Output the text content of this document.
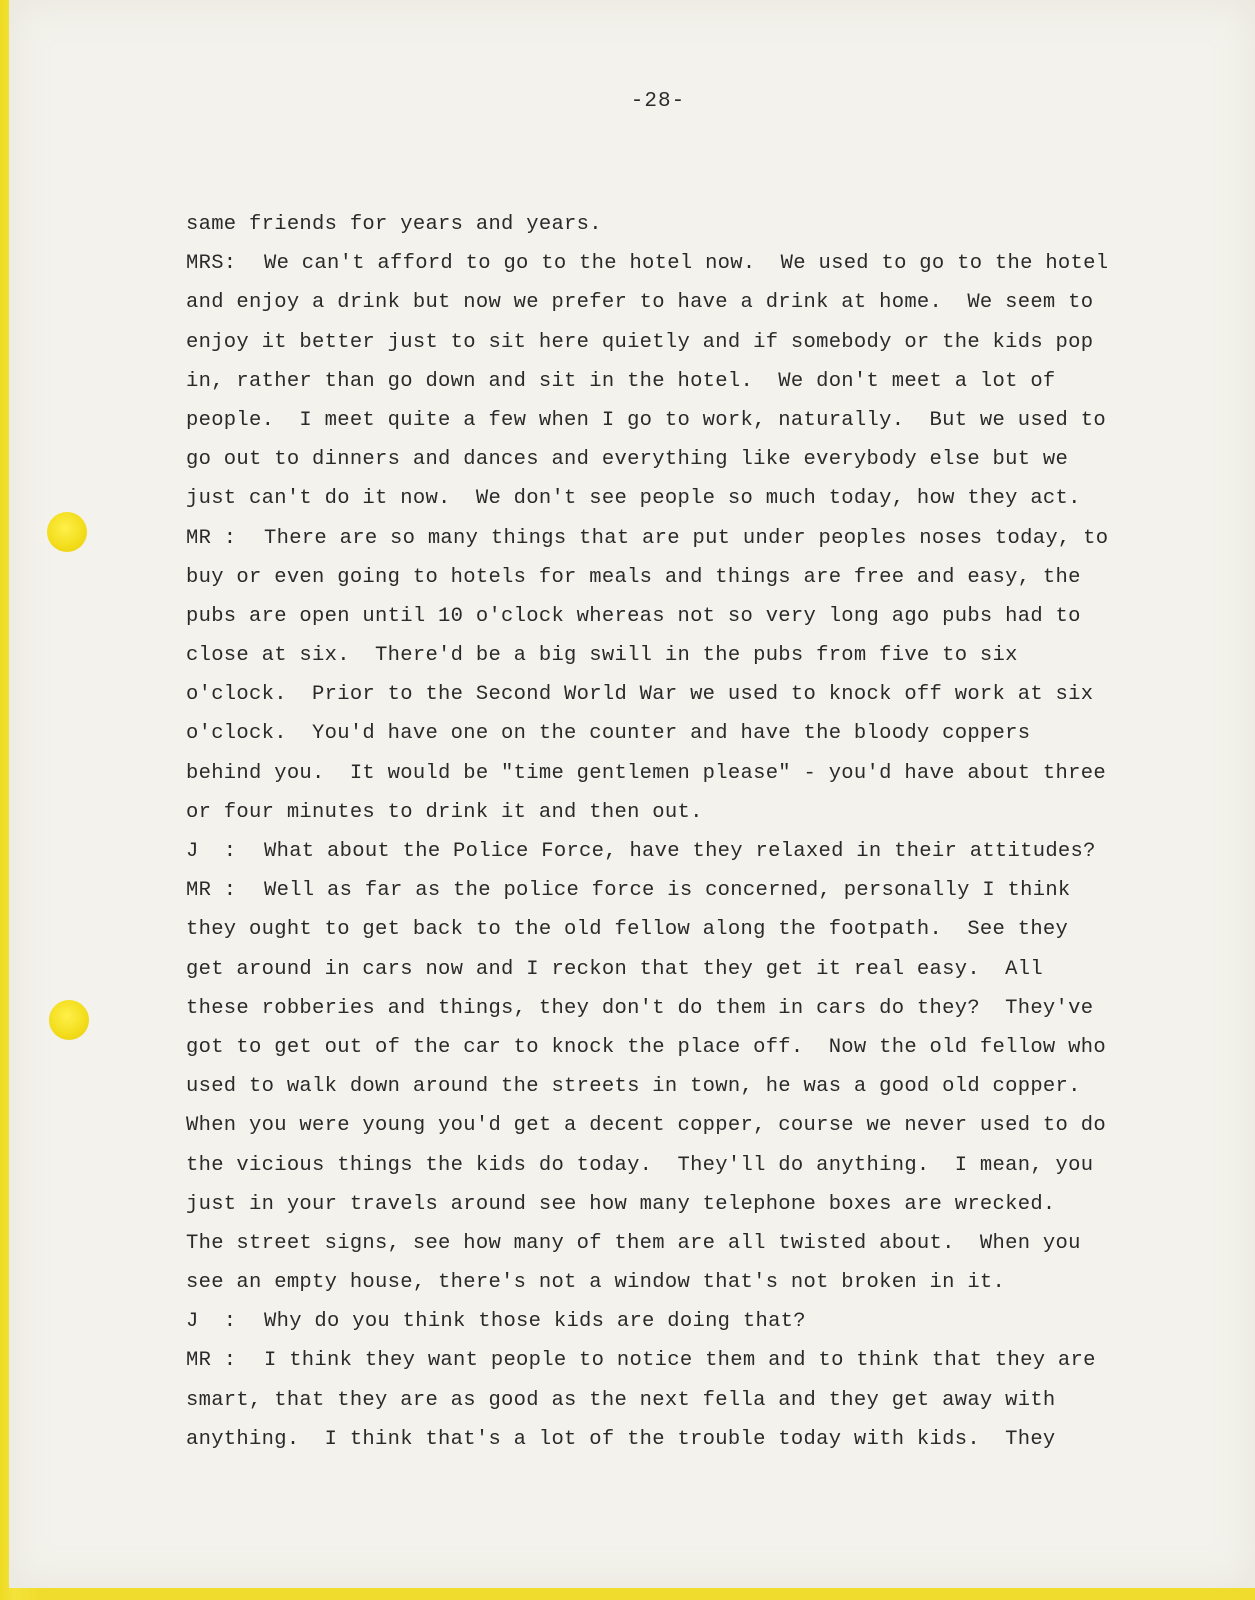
-28-
same friends for years and years.
MRS: We can't afford to go to the hotel now.  We used to go to the hotel
and enjoy a drink but now we prefer to have a drink at home.  We seem to
enjoy it better just to sit here quietly and if somebody or the kids pop
in, rather than go down and sit in the hotel.  We don't meet a lot of
people.  I meet quite a few when I go to work, naturally.  But we used to
go out to dinners and dances and everything like everybody else but we
just can't do it now.  We don't see people so much today, how they act.
MR : There are so many things that are put under peoples noses today, to
buy or even going to hotels for meals and things are free and easy, the
pubs are open until 10 o'clock whereas not so very long ago pubs had to
close at six.  There'd be a big swill in the pubs from five to six
o'clock.  Prior to the Second World War we used to knock off work at six
o'clock.  You'd have one on the counter and have the bloody coppers
behind you.  It would be "time gentlemen please" - you'd have about three
or four minutes to drink it and then out.
J  : What about the Police Force, have they relaxed in their attitudes?
MR : Well as far as the police force is concerned, personally I think
they ought to get back to the old fellow along the footpath.  See they
get around in cars now and I reckon that they get it real easy.  All
these robberies and things, they don't do them in cars do they?  They've
got to get out of the car to knock the place off.  Now the old fellow who
used to walk down around the streets in town, he was a good old copper.
When you were young you'd get a decent copper, course we never used to do
the vicious things the kids do today.  They'll do anything.  I mean, you
just in your travels around see how many telephone boxes are wrecked.
The street signs, see how many of them are all twisted about.  When you
see an empty house, there's not a window that's not broken in it.
J  : Why do you think those kids are doing that?
MR : I think they want people to notice them and to think that they are
smart, that they are as good as the next fella and they get away with
anything.  I think that's a lot of the trouble today with kids.  They
